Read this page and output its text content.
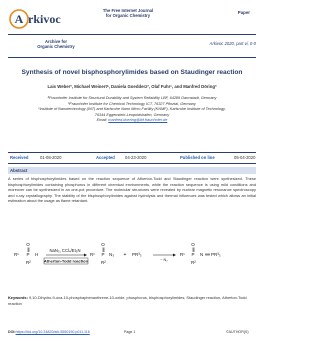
A rkivoc
The Free Internet Journal
for Organic Chemistry
Paper
Archive for
Organic Chemistry
Arkivoc 2020, part vi, 0-0
Synthesis of novel bisphosphorylimides based on Staudinger reaction
Lais Weberª, Michael Weinertᵇ, Daniela Goedderzª, Olaf Fuhrᶜ, and Manfred Döringª
ªFraunhofer Institute for Structural Durability and System Reliability LBF, 64289 Darmstadt, Germany
ᵇFraunhofer Institute for Chemical Technology ICT, 76327 Pfinztal, Germany
ᶜInstitute of Nanotechnology (INT) and Karlsruhe Nano Micro Facility (KNMF), Karlsruhe Institute of Technology,
76344 Eggenstein-Leopoldshafen, Germany
Email: manfred.doering@lbf.fraunhofer.de
Received	01-08-2020	Accepted 04-23-2020	Published on line	05-04-2020
Abstract
A series of bisphosphorylimides based on the reaction sequence of Atherton-Todd and Staudinger reaction were synthesized. These bisphosphorylimides containing phosphorus in different chemical environments, while the reaction sequence is using mild conditions and moreover can be synthesized in an one-pot procedure. The molecular structures were revealed by nuclear magnetic resonance spectroscopy and x-ray crystallography. The stability of the bisphosphorylimides against hydrolysis and thermal influences was tested which allows an initial estimation about the usage as flame retardant.
O
R¹ P H
R²
NaN₃, CCl₄/Et₃N
Atherton-Todd reaction
O
R¹ P N₃
R²
+ PR³₃
− N₂
O
R¹ P N PR³₃
R²
Keywords: 9,10-Dihydro-9-oxa-10-phosphaphenanthrene-10-oxide, phosphorus, bisphosphorylimides, Staudinger reaction, Atherton-Todd reaction
DOI: https://doi.org/10.24820/ark.5550190.p011.116	Page 1	©AUTHOR(S)
